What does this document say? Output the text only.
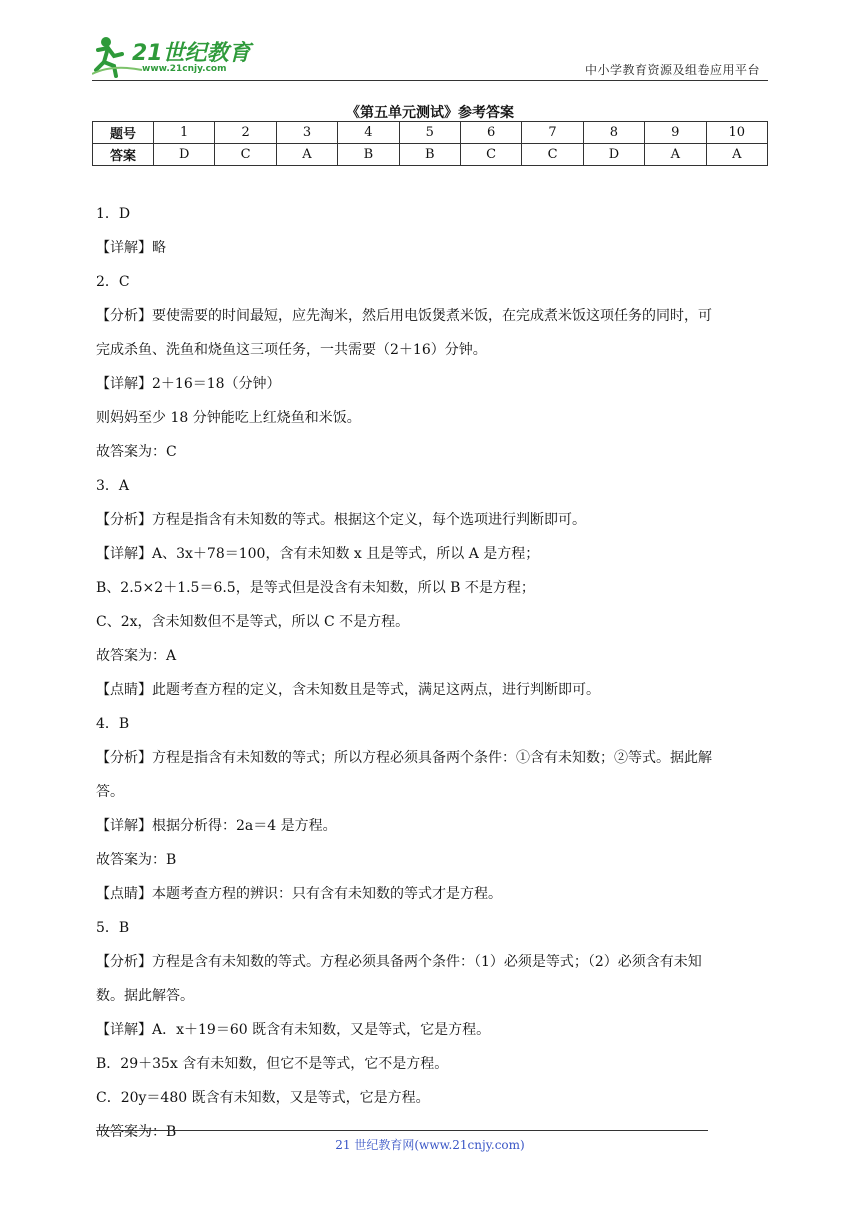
21世纪教育
www.21cnjy.com	中小学教育资源及组卷应用平台
《第五单元测试》参考答案
题号	1	2	3	4	5	6	7	8	9	10
答案	D	C	A	B	B	C	C	D	A	A

1．D

【详解】略

2．C

【分析】要使需要的时间最短，应先淘米，然后用电饭煲煮米饭，在完成煮米饭这项任务的同时，可

完成杀鱼、洗鱼和烧鱼这三项任务，一共需要（2＋16）分钟。

【详解】2＋16＝18（分钟）

则妈妈至少 18 分钟能吃上红烧鱼和米饭。

故答案为：C

3．A

【分析】方程是指含有未知数的等式。根据这个定义，每个选项进行判断即可。

【详解】A、3x＋78＝100，含有未知数 x 且是等式，所以 A 是方程；

B、2.5×2＋1.5＝6.5，是等式但是没含有未知数，所以 B 不是方程；

C、2x，含未知数但不是等式，所以 C 不是方程。

故答案为：A

【点睛】此题考查方程的定义，含未知数且是等式，满足这两点，进行判断即可。

4．B

【分析】方程是指含有未知数的等式；所以方程必须具备两个条件：①含有未知数；②等式。据此解

答。

【详解】根据分析得：2a＝4 是方程。

故答案为：B

【点睛】本题考查方程的辨识：只有含有未知数的等式才是方程。

5．B

【分析】方程是含有未知数的等式。方程必须具备两个条件：（1）必须是等式；（2）必须含有未知

数。据此解答。

【详解】A．x＋19＝60 既含有未知数，又是等式，它是方程。

B．29＋35x 含有未知数，但它不是等式，它不是方程。

C．20y＝480 既含有未知数，又是等式，它是方程。

故答案为：B

21 世纪教育网(www.21cnjy.com)
